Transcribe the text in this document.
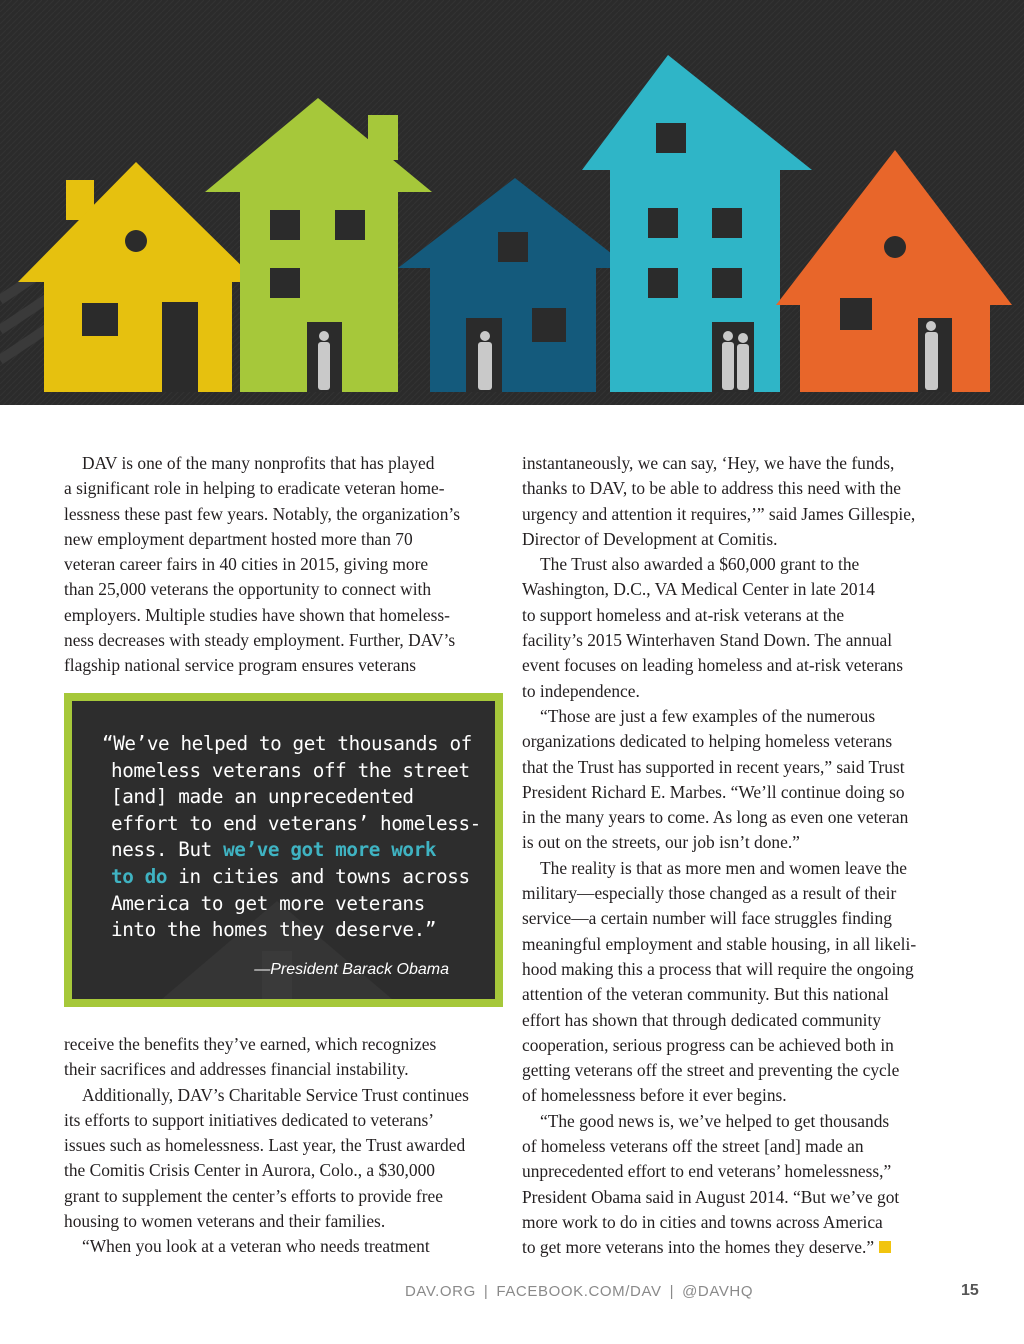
DAV is one of the many nonprofits that has played
a significant role in helping to eradicate veteran home-
lessness these past few years. Notably, the organization’s
new employment department hosted more than 70
veteran career fairs in 40 cities in 2015, giving more
than 25,000 veterans the opportunity to connect with
employers. Multiple studies have shown that homeless-
ness decreases with steady employment. Further, DAV’s
flagship national service program ensures veterans

“We’ve helped to get thousands of
homeless veterans off the street
[and] made an unprecedented
effort to end veterans’ homeless-
ness. But we’ve got more work
to do in cities and towns across
America to get more veterans
into the homes they deserve.”
—President Barack Obama

receive the benefits they’ve earned, which recognizes
their sacrifices and addresses financial instability.

Additionally, DAV’s Charitable Service Trust continues
its efforts to support initiatives dedicated to veterans’
issues such as homelessness. Last year, the Trust awarded
the Comitis Crisis Center in Aurora, Colo., a $30,000
grant to supplement the center’s efforts to provide free
housing to women veterans and their families.

“When you look at a veteran who needs treatment

instantaneously, we can say, ‘Hey, we have the funds,
thanks to DAV, to be able to address this need with the
urgency and attention it requires,’” said James Gillespie,
Director of Development at Comitis.

The Trust also awarded a $60,000 grant to the
Washington, D.C., VA Medical Center in late 2014
to support homeless and at-risk veterans at the
facility’s 2015 Winterhaven Stand Down. The annual
event focuses on leading homeless and at-risk veterans
to independence.

“Those are just a few examples of the numerous
organizations dedicated to helping homeless veterans
that the Trust has supported in recent years,” said Trust
President Richard E. Marbes. “We’ll continue doing so
in the many years to come. As long as even one veteran
is out on the streets, our job isn’t done.”

The reality is that as more men and women leave the
military—especially those changed as a result of their
service—a certain number will face struggles finding
meaningful employment and stable housing, in all likeli-
hood making this a process that will require the ongoing
attention of the veteran community. But this national
effort has shown that through dedicated community
cooperation, serious progress can be achieved both in
getting veterans off the street and preventing the cycle
of homelessness before it ever begins.

“The good news is, we’ve helped to get thousands
of homeless veterans off the street [and] made an
unprecedented effort to end veterans’ homelessness,”
President Obama said in August 2014. “But we’ve got
more work to do in cities and towns across America
to get more veterans into the homes they deserve.”

DAV.ORG | FACEBOOK.COM/DAV | @DAVHQ	15
